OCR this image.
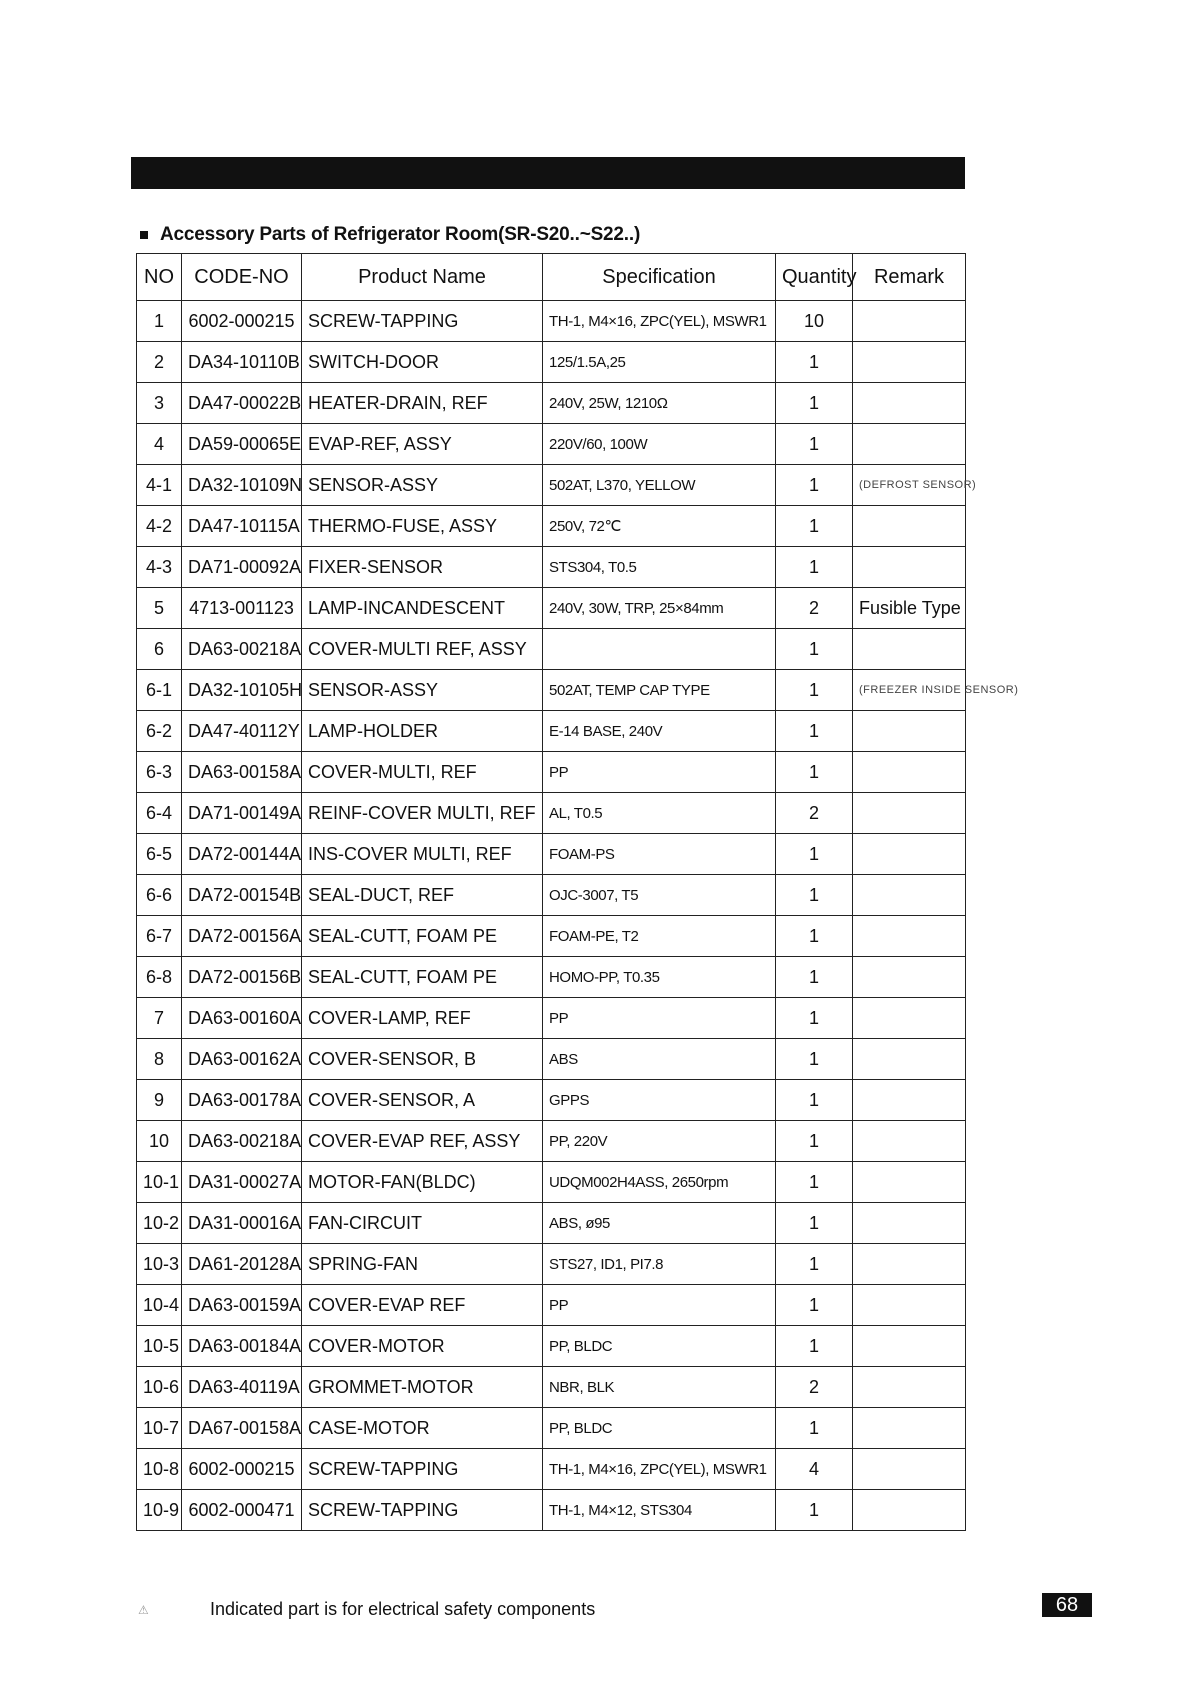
Accessory Parts of Refrigerator Room(SR-S20..~S22..)
NO	CODE-NO	Product Name	Specification	Quantity	Remark
1	6002-000215	SCREW-TAPPING	TH-1, M4×16, ZPC(YEL), MSWR1	10	
2	DA34-10110B	SWITCH-DOOR	125/1.5A,25	1	
3	DA47-00022B	HEATER-DRAIN, REF	240V, 25W, 1210Ω	1	
4	DA59-00065E	EVAP-REF, ASSY	220V/60, 100W	1	
4-1	DA32-10109N	SENSOR-ASSY	502AT, L370, YELLOW	1	(DEFROST SENSOR)
4-2	DA47-10115A	THERMO-FUSE, ASSY	250V, 72℃	1	
4-3	DA71-00092A	FIXER-SENSOR	STS304, T0.5	1	
5	4713-001123	LAMP-INCANDESCENT	240V, 30W, TRP, 25×84mm	2	Fusible Type
6	DA63-00218A	COVER-MULTI REF, ASSY		1	
6-1	DA32-10105H	SENSOR-ASSY	502AT, TEMP CAP TYPE	1	(FREEZER INSIDE SENSOR)
6-2	DA47-40112Y	LAMP-HOLDER	E-14 BASE, 240V	1	
6-3	DA63-00158A	COVER-MULTI, REF	PP	1	
6-4	DA71-00149A	REINF-COVER MULTI, REF	AL, T0.5	2	
6-5	DA72-00144A	INS-COVER MULTI, REF	FOAM-PS	1	
6-6	DA72-00154B	SEAL-DUCT, REF	OJC-3007, T5	1	
6-7	DA72-00156A	SEAL-CUTT, FOAM PE	FOAM-PE, T2	1	
6-8	DA72-00156B	SEAL-CUTT, FOAM PE	HOMO-PP, T0.35	1	
7	DA63-00160A	COVER-LAMP, REF	PP	1	
8	DA63-00162A	COVER-SENSOR, B	ABS	1	
9	DA63-00178A	COVER-SENSOR, A	GPPS	1	
10	DA63-00218A	COVER-EVAP REF, ASSY	PP, 220V	1	
10-1	DA31-00027A	MOTOR-FAN(BLDC)	UDQM002H4ASS, 2650rpm	1	
10-2	DA31-00016A	FAN-CIRCUIT	ABS, ø95	1	
10-3	DA61-20128A	SPRING-FAN	STS27, ID1, PI7.8	1	
10-4	DA63-00159A	COVER-EVAP REF	PP	1	
10-5	DA63-00184A	COVER-MOTOR	PP, BLDC	1	
10-6	DA63-40119A	GROMMET-MOTOR	NBR, BLK	2	
10-7	DA67-00158A	CASE-MOTOR	PP, BLDC	1	
10-8	6002-000215	SCREW-TAPPING	TH-1, M4×16, ZPC(YEL), MSWR1	4	
10-9	6002-000471	SCREW-TAPPING	TH-1, M4×12, STS304	1	
⚠	Indicated part is for electrical safety components	68
